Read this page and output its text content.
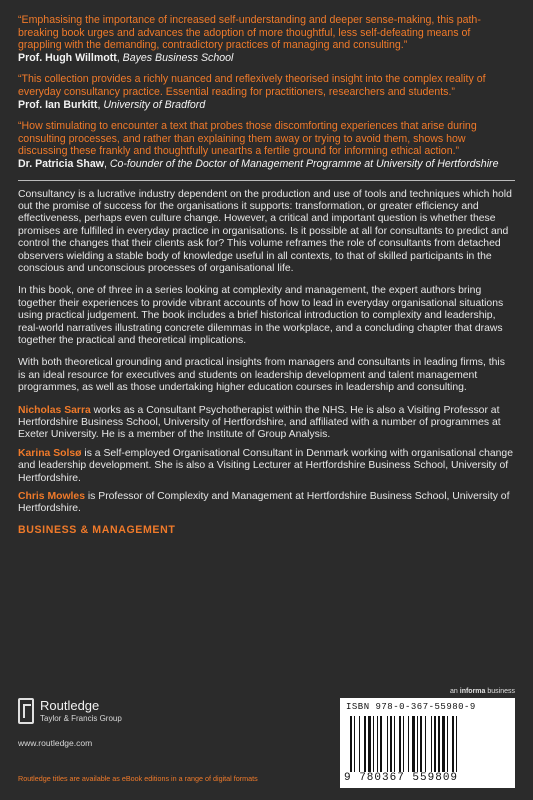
“Emphasising the importance of increased self-understanding and deeper sense-making, this path-breaking book urges and advances the adoption of more thoughtful, less self-defeating means of grappling with the demanding, contradictory practices of managing and consulting.”

Prof. Hugh Willmott, Bayes Business School

“This collection provides a richly nuanced and reflexively theorised insight into the complex reality of everyday consultancy practice. Essential reading for practitioners, researchers and students.”

Prof. Ian Burkitt, University of Bradford

“How stimulating to encounter a text that probes those discomforting experiences that arise during consulting processes, and rather than explaining them away or trying to avoid them, shows how discussing these frankly and thoughtfully unearths a fertile ground for informing ethical action.”

Dr. Patricia Shaw, Co-founder of the Doctor of Management Programme at University of Hertfordshire

Consultancy is a lucrative industry dependent on the production and use of tools and techniques which hold out the promise of success for the organisations it supports: transformation, or greater efficiency and effectiveness, perhaps even culture change. However, a critical and important question is whether these promises are fulfilled in everyday practice in organisations. Is it possible at all for consultants to predict and control the changes that their clients ask for? This volume reframes the role of consultants from detached observers wielding a stable body of knowledge useful in all contexts, to that of skilled participants in the conscious and unconscious processes of organisational life.

In this book, one of three in a series looking at complexity and management, the expert authors bring together their experiences to provide vibrant accounts of how to lead in everyday organisational situations using practical judgement. The book includes a brief historical introduction to complexity and leadership, real-world narratives illustrating concrete dilemmas in the workplace, and a concluding chapter that draws together the practical and theoretical implications.

With both theoretical grounding and practical insights from managers and consultants in leading firms, this is an ideal resource for executives and students on leadership development and talent management programmes, as well as those undertaking higher education courses in leadership and consulting.

Nicholas Sarra works as a Consultant Psychotherapist within the NHS. He is also a Visiting Professor at Hertfordshire Business School, University of Hertfordshire, and affiliated with a number of programmes at Exeter University. He is a member of the Institute of Group Analysis.

Karina Solsø is a Self-employed Organisational Consultant in Denmark working with organisational change and leadership development. She is also a Visiting Lecturer at Hertfordshire Business School, University of Hertfordshire.

Chris Mowles is Professor of Complexity and Management at Hertfordshire Business School, University of Hertfordshire.

BUSINESS & MANAGEMENT
Routledge
Taylor & Francis Group
www.routledge.com
Routledge titles are available as eBook editions in a range of digital formats
an informa business
ISBN 978-0-367-55980-9
9 780367 559809
